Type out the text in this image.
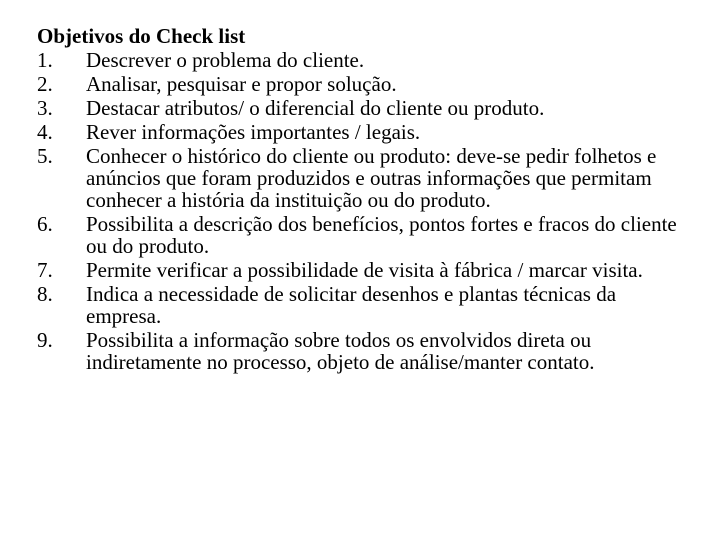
Objetivos do Check list
1.	Descrever o problema do cliente.
2.	Analisar, pesquisar e propor solução.
3.	Destacar atributos/ o diferencial do cliente ou produto.
4.	Rever informações importantes / legais.
5.	Conhecer o histórico do cliente ou produto: deve-se pedir folhetos e anúncios que foram produzidos e outras informações que permitam conhecer a história da instituição ou do produto.
6.	Possibilita a descrição dos benefícios, pontos fortes e fracos do cliente ou do produto.
7.	Permite verificar a possibilidade de visita à fábrica / marcar visita.
8.	Indica a necessidade de solicitar desenhos e plantas técnicas da empresa.
9.	Possibilita a informação sobre todos os envolvidos direta ou indiretamente no processo, objeto de análise/manter contato.
